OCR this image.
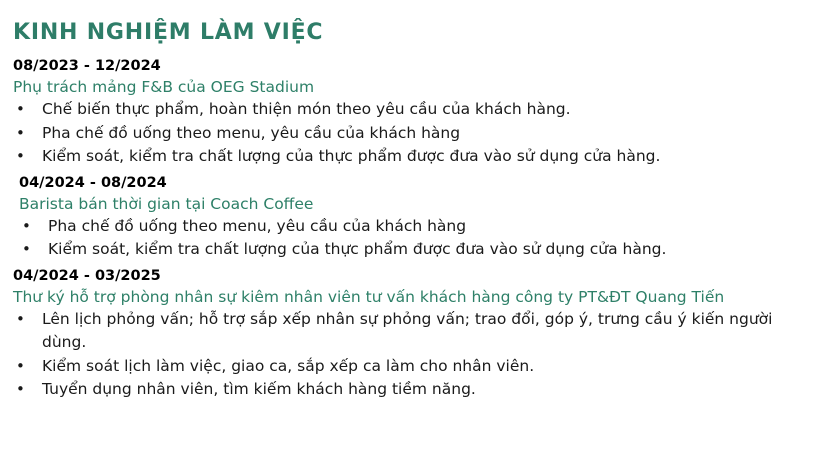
KINH NGHIỆM LÀM VIỆC
08/2023 - 12/2024
Phụ trách mảng F&B của OEG Stadium
• Chế biến thực phẩm, hoàn thiện món theo yêu cầu của khách hàng.
• Pha chế đồ uống theo menu, yêu cầu của khách hàng
• Kiểm soát, kiểm tra chất lượng của thực phẩm được đưa vào sử dụng cửa hàng.
04/2024 - 08/2024
Barista bán thời gian tại Coach Coffee
• Pha chế đồ uống theo menu, yêu cầu của khách hàng
• Kiểm soát, kiểm tra chất lượng của thực phẩm được đưa vào sử dụng cửa hàng.
04/2024 - 03/2025
Thư ký hỗ trợ phòng nhân sự kiêm nhân viên tư vấn khách hàng công ty PT&ĐT Quang Tiến
• Lên lịch phỏng vấn; hỗ trợ sắp xếp nhân sự phỏng vấn; trao đổi, góp ý, trưng cầu ý kiến người dùng.
• Kiểm soát lịch làm việc, giao ca, sắp xếp ca làm cho nhân viên.
• Tuyển dụng nhân viên, tìm kiếm khách hàng tiềm năng.
